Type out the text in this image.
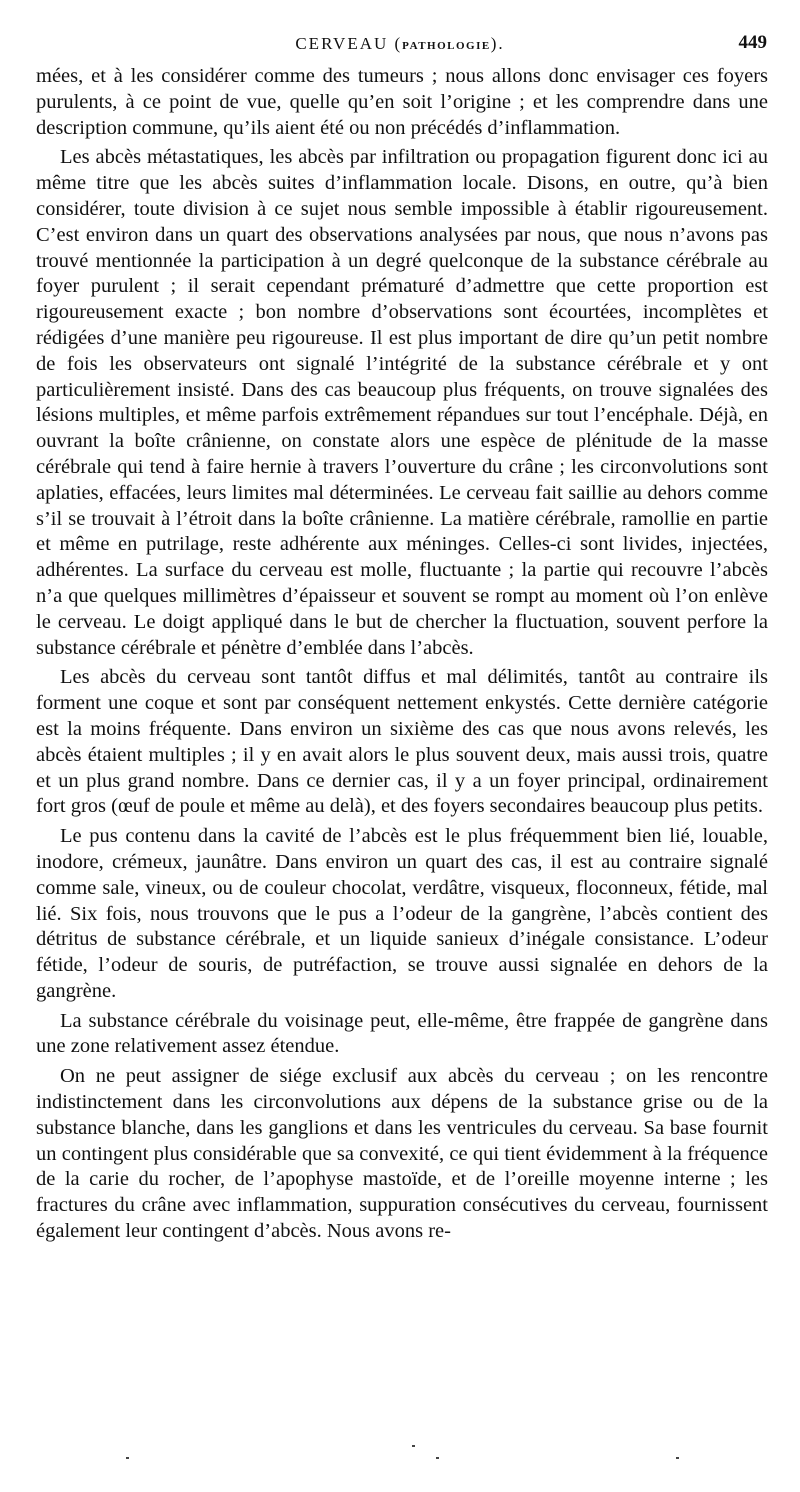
CERVEAU (PATHOLOGIE).	449

mées, et à les considérer comme des tumeurs ; nous allons donc envisager ces foyers purulents, à ce point de vue, quelle qu’en soit l’origine ; et les comprendre dans une description commune, qu’ils aient été ou non précédés d’inflammation.

Les abcès métastatiques, les abcès par infiltration ou propagation figurent donc ici au même titre que les abcès suites d’inflammation locale. Disons, en outre, qu’à bien considérer, toute division à ce sujet nous semble impossible à établir rigoureusement. C’est environ dans un quart des observations analysées par nous, que nous n’avons pas trouvé mentionnée la participation à un degré quelconque de la substance cérébrale au foyer purulent ; il serait cependant prématuré d’admettre que cette proportion est rigoureusement exacte ; bon nombre d’observations sont écourtées, incomplètes et rédigées d’une manière peu rigoureuse. Il est plus important de dire qu’un petit nombre de fois les observateurs ont signalé l’intégrité de la substance cérébrale et y ont particulièrement insisté. Dans des cas beaucoup plus fréquents, on trouve signalées des lésions multiples, et même parfois extrêmement répandues sur tout l’encéphale. Déjà, en ouvrant la boîte crânienne, on constate alors une espèce de plénitude de la masse cérébrale qui tend à faire hernie à travers l’ouverture du crâne ; les circonvolutions sont aplaties, effacées, leurs limites mal déterminées. Le cerveau fait saillie au dehors comme s’il se trouvait à l’étroit dans la boîte crânienne. La matière cérébrale, ramollie en partie et même en putrilage, reste adhérente aux méninges. Celles-ci sont livides, injectées, adhérentes. La surface du cerveau est molle, fluctuante ; la partie qui recouvre l’abcès n’a que quelques millimètres d’épaisseur et souvent se rompt au moment où l’on enlève le cerveau. Le doigt appliqué dans le but de chercher la fluctuation, souvent perfore la substance cérébrale et pénètre d’emblée dans l’abcès.

Les abcès du cerveau sont tantôt diffus et mal délimités, tantôt au contraire ils forment une coque et sont par conséquent nettement enkystés. Cette dernière catégorie est la moins fréquente. Dans environ un sixième des cas que nous avons relevés, les abcès étaient multiples ; il y en avait alors le plus souvent deux, mais aussi trois, quatre et un plus grand nombre. Dans ce dernier cas, il y a un foyer principal, ordinairement fort gros (œuf de poule et même au delà), et des foyers secondaires beaucoup plus petits.

Le pus contenu dans la cavité de l’abcès est le plus fréquemment bien lié, louable, inodore, crémeux, jaunâtre. Dans environ un quart des cas, il est au contraire signalé comme sale, vineux, ou de couleur chocolat, verdâtre, visqueux, floconneux, fétide, mal lié. Six fois, nous trouvons que le pus a l’odeur de la gangrène, l’abcès contient des détritus de substance cérébrale, et un liquide sanieux d’inégale consistance. L’odeur fétide, l’odeur de souris, de putréfaction, se trouve aussi signalée en dehors de la gangrène.

La substance cérébrale du voisinage peut, elle-même, être frappée de gangrène dans une zone relativement assez étendue.

On ne peut assigner de siége exclusif aux abcès du cerveau ; on les rencontre indistinctement dans les circonvolutions aux dépens de la substance grise ou de la substance blanche, dans les ganglions et dans les ventricules du cerveau. Sa base fournit un contingent plus considérable que sa convexité, ce qui tient évidemment à la fréquence de la carie du rocher, de l’apophyse mastoïde, et de l’oreille moyenne interne ; les fractures du crâne avec inflammation, suppuration consécutives du cerveau, fournissent également leur contingent d’abcès. Nous avons re-
